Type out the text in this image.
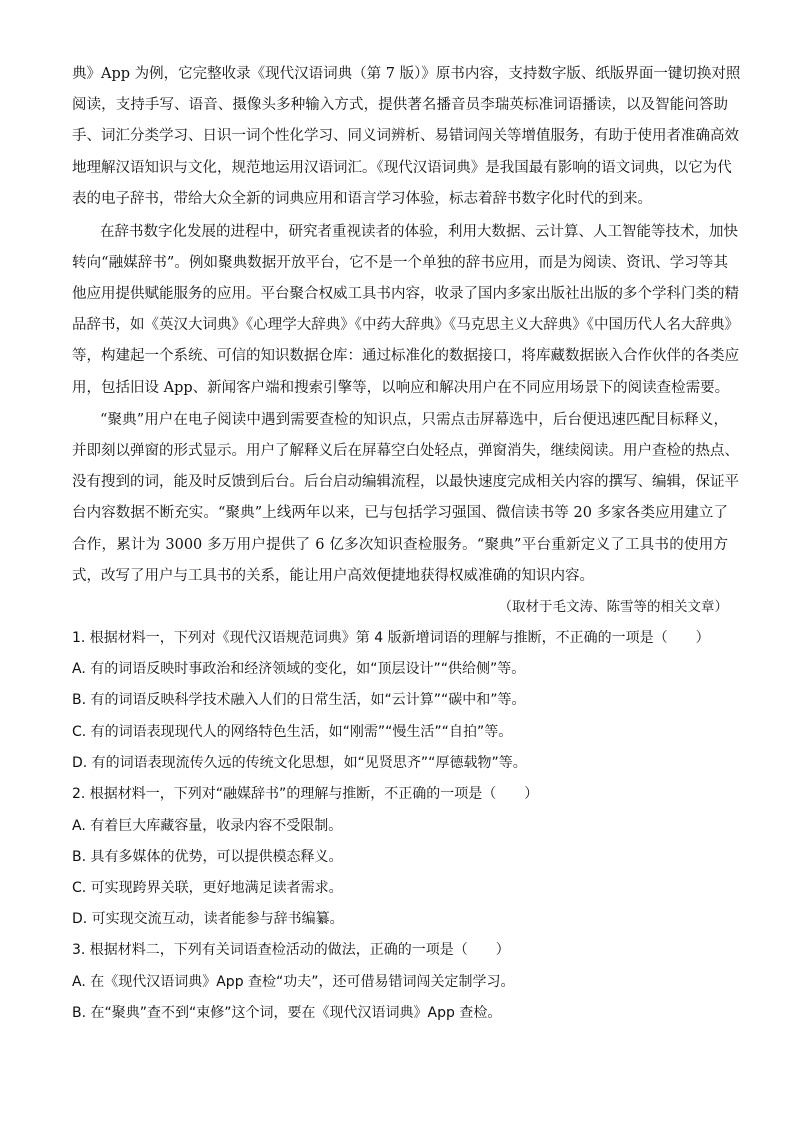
典》App 为例，它完整收录《现代汉语词典（第 7 版）》原书内容，支持数字版、纸版界面一键切换对照
阅读，支持手写、语音、摄像头多种输入方式，提供著名播音员李瑞英标准词语播读，以及智能问答助
手、词汇分类学习、日识一词个性化学习、同义词辨析、易错词闯关等增值服务，有助于使用者准确高效
地理解汉语知识与文化，规范地运用汉语词汇。《现代汉语词典》是我国最有影响的语文词典，以它为代
表的电子辞书，带给大众全新的词典应用和语言学习体验，标志着辞书数字化时代的到来。
在辞书数字化发展的进程中，研究者重视读者的体验，利用大数据、云计算、人工智能等技术，加快
转向“融媒辞书”。例如聚典数据开放平台，它不是一个单独的辞书应用，而是为阅读、资讯、学习等其
他应用提供赋能服务的应用。平台聚合权威工具书内容，收录了国内多家出版社出版的多个学科门类的精
品辞书，如《英汉大词典》《心理学大辞典》《中药大辞典》《马克思主义大辞典》《中国历代人名大辞典》
等，构建起一个系统、可信的知识数据仓库：通过标准化的数据接口，将库藏数据嵌入合作伙伴的各类应
用，包括旧设 App、新闻客户端和搜索引擎等，以响应和解决用户在不同应用场景下的阅读查检需要。
“聚典”用户在电子阅读中遇到需要查检的知识点，只需点击屏幕选中，后台便迅速匹配目标释义，
并即刻以弹窗的形式显示。用户了解释义后在屏幕空白处轻点，弹窗消失，继续阅读。用户查检的热点、
没有搜到的词，能及时反馈到后台。后台启动编辑流程，以最快速度完成相关内容的撰写、编辑，保证平
台内容数据不断充实。“聚典”上线两年以来，已与包括学习强国、微信读书等 20 多家各类应用建立了
合作，累计为 3000 多万用户提供了 6 亿多次知识查检服务。“聚典”平台重新定义了工具书的使用方
式，改写了用户与工具书的关系，能让用户高效便捷地获得权威准确的知识内容。
（取材于毛文涛、陈雪等的相关文章）
1. 根据材料一，下列对《现代汉语规范词典》第 4 版新增词语的理解与推断，不正确的一项是（　　）
A. 有的词语反映时事政治和经济领域的变化，如“顶层设计”“供给侧”等。
B. 有的词语反映科学技术融入人们的日常生活，如“云计算”“碳中和”等。
C. 有的词语表现现代人的网络特色生活，如“刚需”“慢生活”“自拍”等。
D. 有的词语表现流传久远的传统文化思想，如“见贤思齐”“厚德载物”等。
2. 根据材料一，下列对“融媒辞书”的理解与推断，不正确的一项是（　　）
A. 有着巨大库藏容量，收录内容不受限制。
B. 具有多媒体的优势，可以提供模态释义。
C. 可实现跨界关联，更好地满足读者需求。
D. 可实现交流互动，读者能参与辞书编纂。
3. 根据材料二，下列有关词语查检活动的做法，正确的一项是（　　）
A. 在《现代汉语词典》App 查检“功夫”，还可借易错词闯关定制学习。
B. 在“聚典”查不到“束修”这个词，要在《现代汉语词典》App 查检。
